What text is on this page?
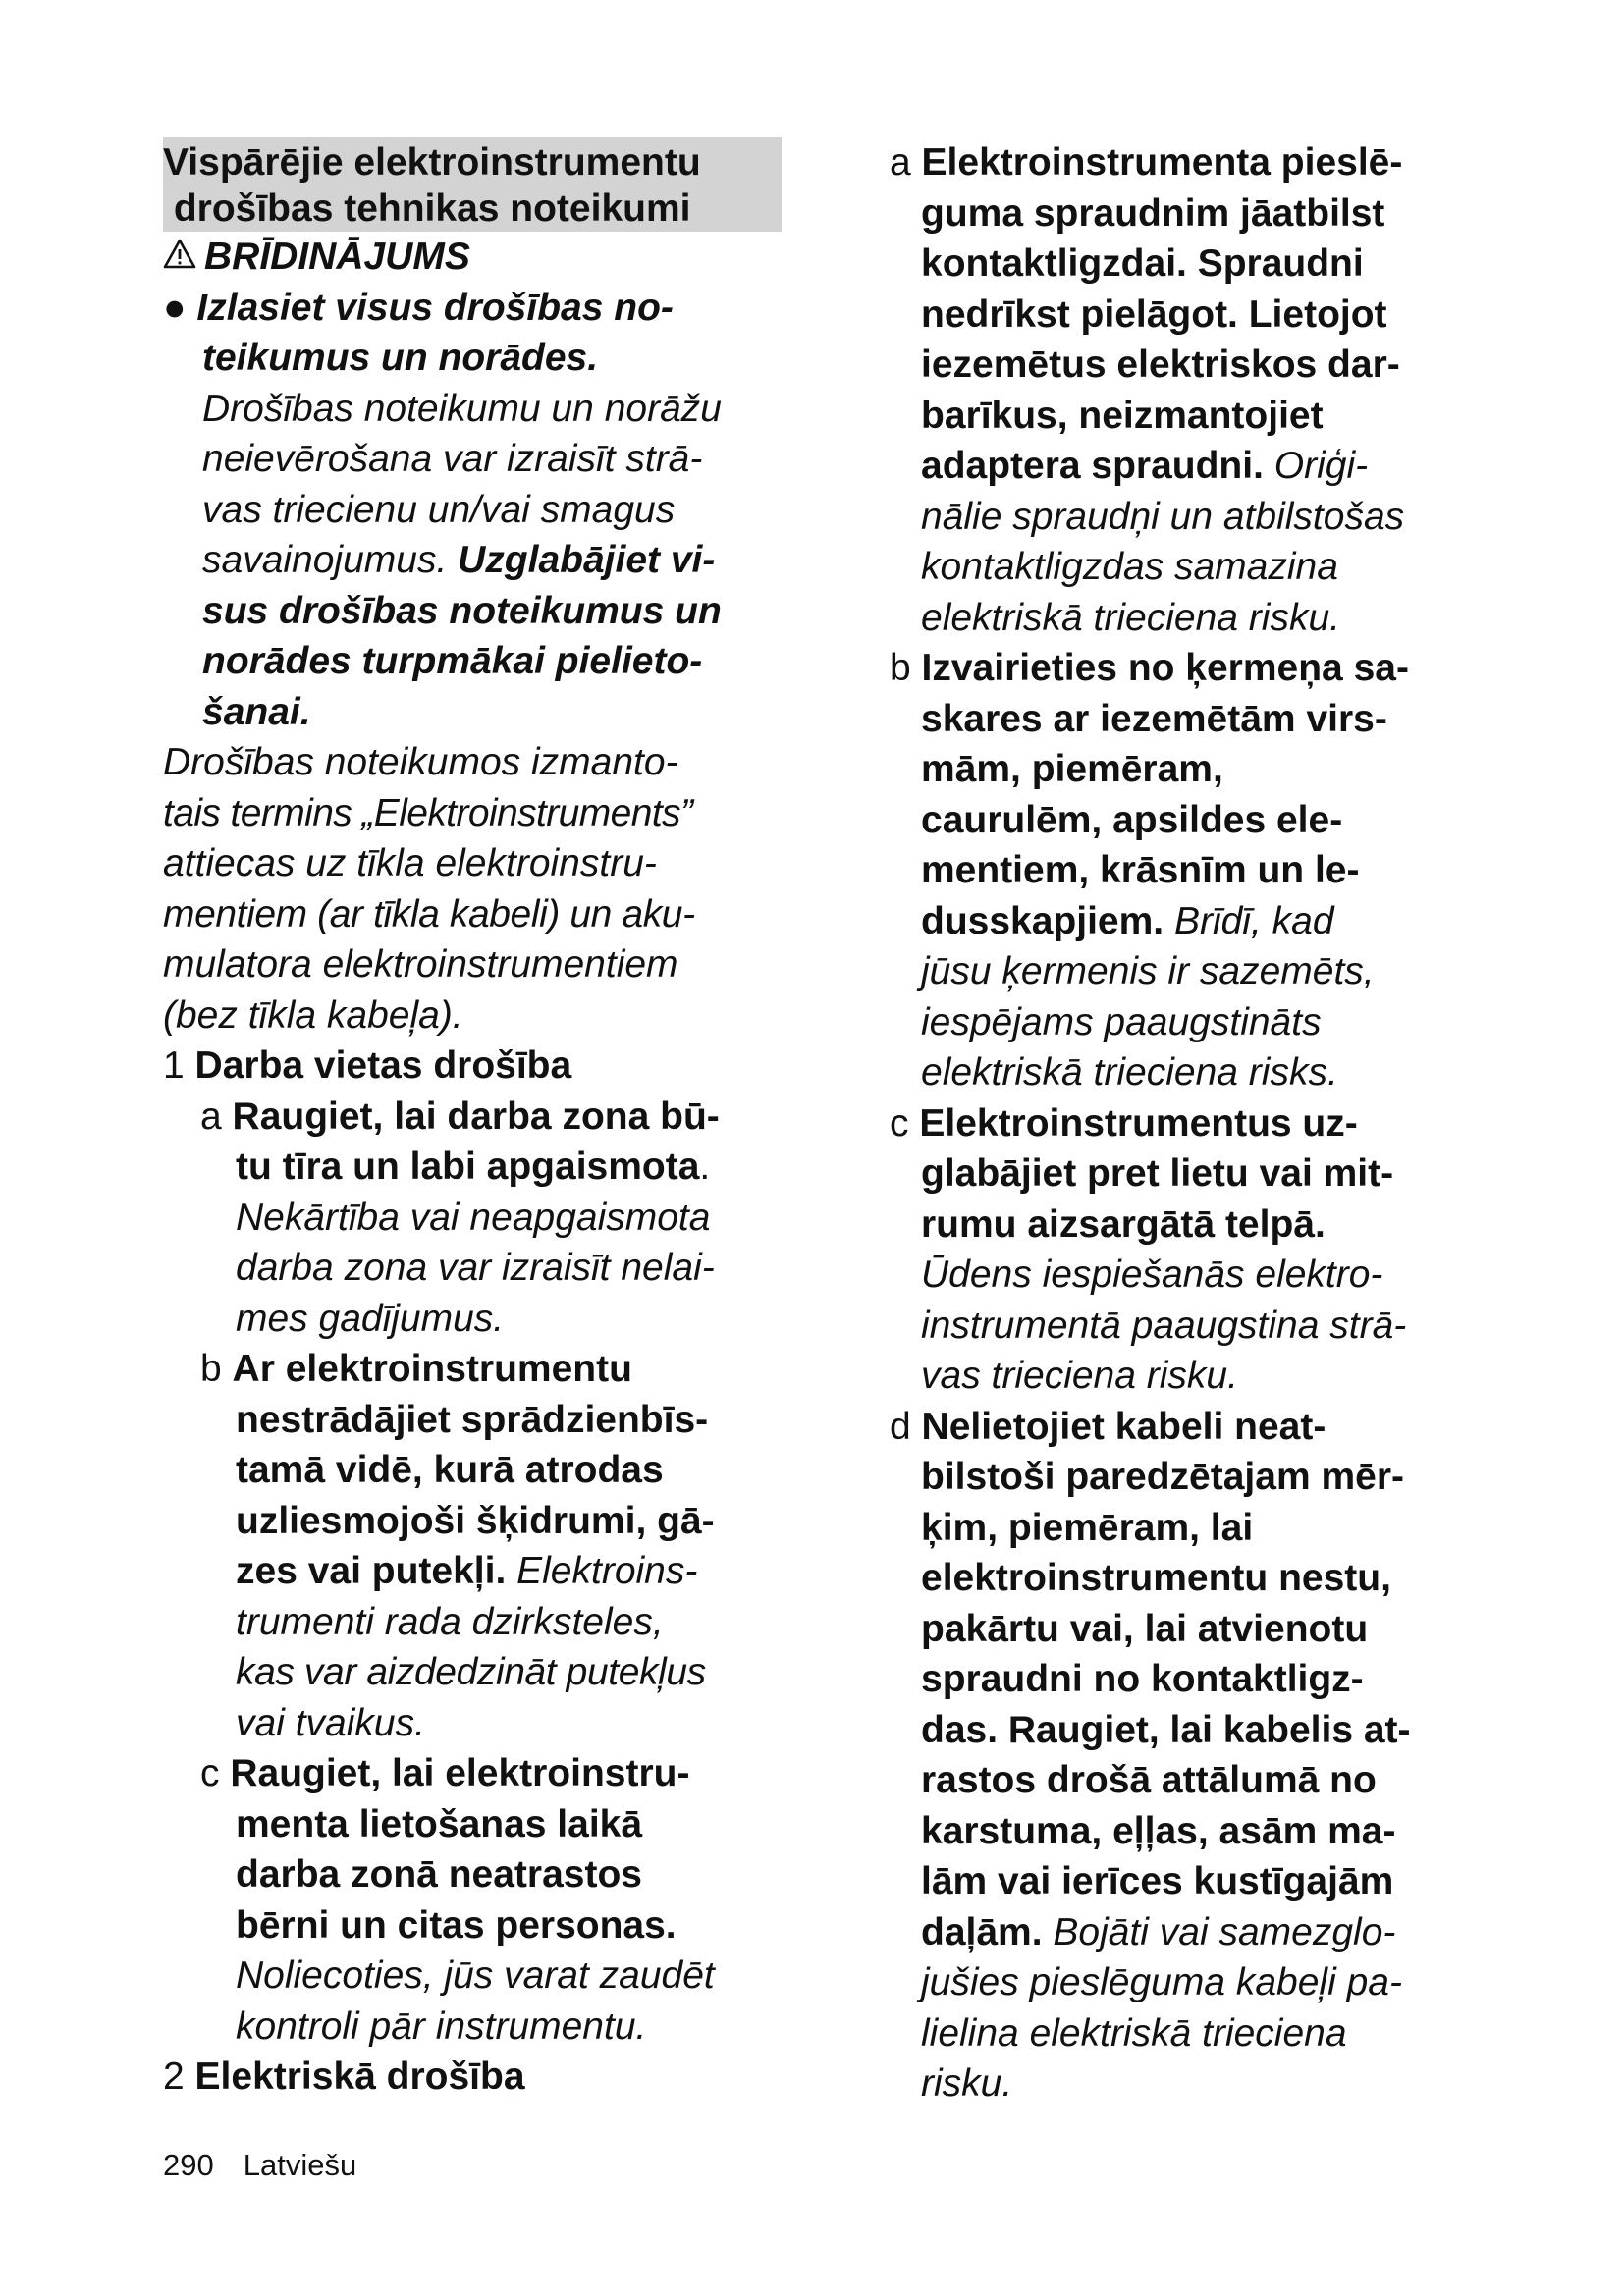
Vispārējie elektroinstrumentu
drošības tehnikas noteikumi
BRĪDINĀJUMS
● Izlasiet visus drošības no-
teikumus un norādes.
Drošības noteikumu un norāžu
neievērošana var izraisīt strā-
vas triecienu un/vai smagus
savainojumus. Uzglabājiet vi-
sus drošības noteikumus un
norādes turpmākai pielieto-
šanai.
Drošības noteikumos izmanto-
tais termins „Elektroinstruments”
attiecas uz tīkla elektroinstru-
mentiem (ar tīkla kabeli) un aku-
mulatora elektroinstrumentiem
(bez tīkla kabeļa).
1 Darba vietas drošība
a Raugiet, lai darba zona bū-
tu tīra un labi apgaismota.
Nekārtība vai neapgaismota
darba zona var izraisīt nelai-
mes gadījumus.
b Ar elektroinstrumentu
nestrādājiet sprādzienbīs-
tamā vidē, kurā atrodas
uzliesmojoši šķidrumi, gā-
zes vai putekļi. Elektroins-
trumenti rada dzirksteles,
kas var aizdedzināt putekļus
vai tvaikus.
c Raugiet, lai elektroinstru-
menta lietošanas laikā
darba zonā neatrastos
bērni un citas personas.
Noliecoties, jūs varat zaudēt
kontroli pār instrumentu.
2 Elektriskā drošība
a Elektroinstrumenta pieslē-
guma spraudnim jāatbilst
kontaktligzdai. Spraudni
nedrīkst pielāgot. Lietojot
iezemētus elektriskos dar-
barīkus, neizmantojiet
adaptera spraudni. Oriģi-
nālie spraudņi un atbilstošas
kontaktligzdas samazina
elektriskā trieciena risku.
b Izvairieties no ķermeņa sa-
skares ar iezemētām virs-
mām, piemēram,
caurulēm, apsildes ele-
mentiem, krāsnīm un le-
dusskapjiem. Brīdī, kad
jūsu ķermenis ir sazemēts,
iespējams paaugstināts
elektriskā trieciena risks.
c Elektroinstrumentus uz-
glabājiet pret lietu vai mit-
rumu aizsargātā telpā.
Ūdens iespiešanās elektro-
instrumentā paaugstina strā-
vas trieciena risku.
d Nelietojiet kabeli neat-
bilstoši paredzētajam mēr-
ķim, piemēram, lai
elektroinstrumentu nestu,
pakārtu vai, lai atvienotu
spraudni no kontaktligz-
das. Raugiet, lai kabelis at-
rastos drošā attālumā no
karstuma, eļļas, asām ma-
lām vai ierīces kustīgajām
daļām. Bojāti vai samezglo-
jušies pieslēguma kabeļi pa-
lielina elektriskā trieciena
risku.
290 Latviešu
